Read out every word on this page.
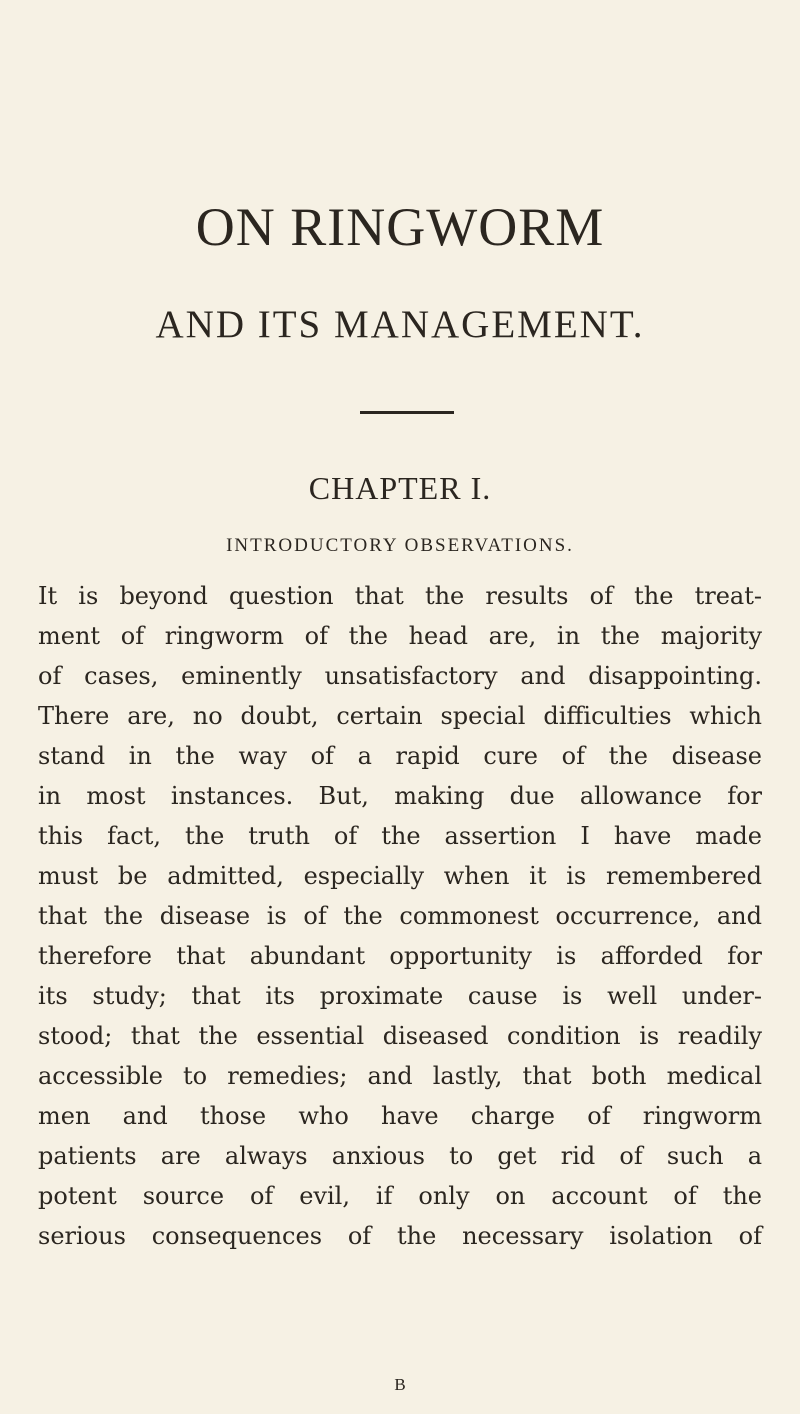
ON RINGWORM
AND ITS MANAGEMENT.
CHAPTER I.
INTRODUCTORY OBSERVATIONS.
It is beyond question that the results of the treat-
ment of ringworm of the head are, in the majority
of cases, eminently unsatisfactory and disappointing.
There are, no doubt, certain special difficulties which
stand in the way of a rapid cure of the disease
in most instances. But, making due allowance for
this fact, the truth of the assertion I have made
must be admitted, especially when it is remembered
that the disease is of the commonest occurrence, and
therefore that abundant opportunity is afforded for
its study; that its proximate cause is well under-
stood; that the essential diseased condition is readily
accessible to remedies; and lastly, that both medical
men and those who have charge of ringworm
patients are always anxious to get rid of such a
potent source of evil, if only on account of the
serious consequences of the necessary isolation of
B
